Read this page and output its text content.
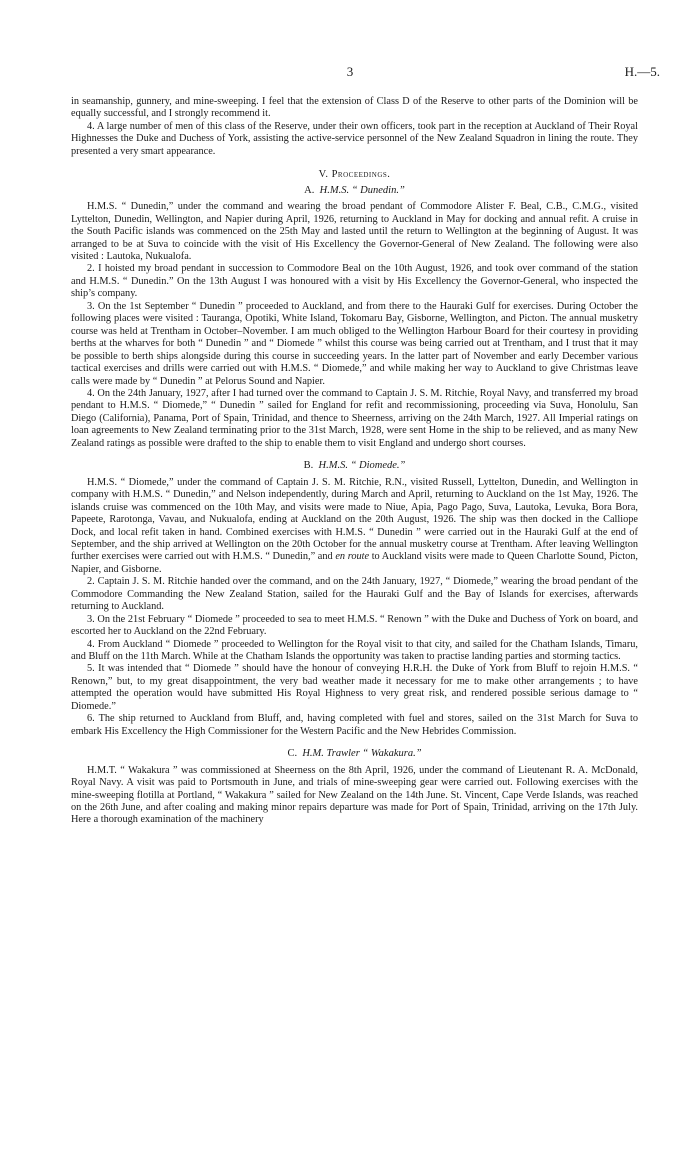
3	H.—5.

in seamanship, gunnery, and mine-sweeping. I feel that the extension of Class D of the Reserve to other parts of the Dominion will be equally successful, and I strongly recommend it.

4. A large number of men of this class of the Reserve, under their own officers, took part in the reception at Auckland of Their Royal Highnesses the Duke and Duchess of York, assisting the active-service personnel of the New Zealand Squadron in lining the route. They presented a very smart appearance.

V. Proceedings.
A. H.M.S. “ Dunedin.”

H.M.S. “ Dunedin,” under the command and wearing the broad pendant of Commodore Alister F. Beal, C.B., C.M.G., visited Lyttelton, Dunedin, Wellington, and Napier during April, 1926, returning to Auckland in May for docking and annual refit. A cruise in the South Pacific islands was commenced on the 25th May and lasted until the return to Wellington at the beginning of August. It was arranged to be at Suva to coincide with the visit of His Excellency the Governor-General of New Zealand. The following were also visited : Lautoka, Nukualofa.

2. I hoisted my broad pendant in succession to Commodore Beal on the 10th August, 1926, and took over command of the station and H.M.S. “ Dunedin.” On the 13th August I was honoured with a visit by His Excellency the Governor-General, who inspected the ship’s company.

3. On the 1st September “ Dunedin ” proceeded to Auckland, and from there to the Hauraki Gulf for exercises. During October the following places were visited : Tauranga, Opotiki, White Island, Tokomaru Bay, Gisborne, Wellington, and Picton. The annual musketry course was held at Trentham in October–November. I am much obliged to the Wellington Harbour Board for their courtesy in providing berths at the wharves for both “ Dunedin ” and “ Diomede ” whilst this course was being carried out at Trentham, and I trust that it may be possible to berth ships alongside during this course in succeeding years. In the latter part of November and early December various tactical exercises and drills were carried out with H.M.S. “ Diomede,” and while making her way to Auckland to give Christmas leave calls were made by “ Dunedin ” at Pelorus Sound and Napier.

4. On the 24th January, 1927, after I had turned over the command to Captain J. S. M. Ritchie, Royal Navy, and transferred my broad pendant to H.M.S. “ Diomede,” “ Dunedin ” sailed for England for refit and recommissioning, proceeding via Suva, Honolulu, San Diego (California), Panama, Port of Spain, Trinidad, and thence to Sheerness, arriving on the 24th March, 1927. All Imperial ratings on loan agreements to New Zealand terminating prior to the 31st March, 1928, were sent Home in the ship to be relieved, and as many New Zealand ratings as possible were drafted to the ship to enable them to visit England and undergo short courses.

B. H.M.S. “ Diomede.”

H.M.S. “ Diomede,” under the command of Captain J. S. M. Ritchie, R.N., visited Russell, Lyttelton, Dunedin, and Wellington in company with H.M.S. “ Dunedin,” and Nelson independently, during March and April, returning to Auckland on the 1st May, 1926. The islands cruise was commenced on the 10th May, and visits were made to Niue, Apia, Pago Pago, Suva, Lautoka, Levuka, Bora Bora, Papeete, Rarotonga, Vavau, and Nukualofa, ending at Auckland on the 20th August, 1926. The ship was then docked in the Calliope Dock, and local refit taken in hand. Combined exercises with H.M.S. “ Dunedin ” were carried out in the Hauraki Gulf at the end of September, and the ship arrived at Wellington on the 20th October for the annual musketry course at Trentham. After leaving Wellington further exercises were carried out with H.M.S. “ Dunedin,” and en route to Auckland visits were made to Queen Charlotte Sound, Picton, Napier, and Gisborne.

2. Captain J. S. M. Ritchie handed over the command, and on the 24th January, 1927, “ Diomede,” wearing the broad pendant of the Commodore Commanding the New Zealand Station, sailed for the Hauraki Gulf and the Bay of Islands for exercises, afterwards returning to Auckland.

3. On the 21st February “ Diomede ” proceeded to sea to meet H.M.S. “ Renown ” with the Duke and Duchess of York on board, and escorted her to Auckland on the 22nd February.

4. From Auckland “ Diomede ” proceeded to Wellington for the Royal visit to that city, and sailed for the Chatham Islands, Timaru, and Bluff on the 11th March. While at the Chatham Islands the opportunity was taken to practise landing parties and storming tactics.

5. It was intended that “ Diomede ” should have the honour of conveying H.R.H. the Duke of York from Bluff to rejoin H.M.S. “ Renown,” but, to my great disappointment, the very bad weather made it necessary for me to make other arrangements ; to have attempted the operation would have submitted His Royal Highness to very great risk, and rendered possible serious damage to “ Diomede.”

6. The ship returned to Auckland from Bluff, and, having completed with fuel and stores, sailed on the 31st March for Suva to embark His Excellency the High Commissioner for the Western Pacific and the New Hebrides Commission.

C. H.M. Trawler “ Wakakura.”

H.M.T. “ Wakakura ” was commissioned at Sheerness on the 8th April, 1926, under the command of Lieutenant R. A. McDonald, Royal Navy. A visit was paid to Portsmouth in June, and trials of mine-sweeping gear were carried out. Following exercises with the mine-sweeping flotilla at Portland, “ Wakakura ” sailed for New Zealand on the 14th June. St. Vincent, Cape Verde Islands, was reached on the 26th June, and after coaling and making minor repairs departure was made for Port of Spain, Trinidad, arriving on the 17th July. Here a thorough examination of the machinery
